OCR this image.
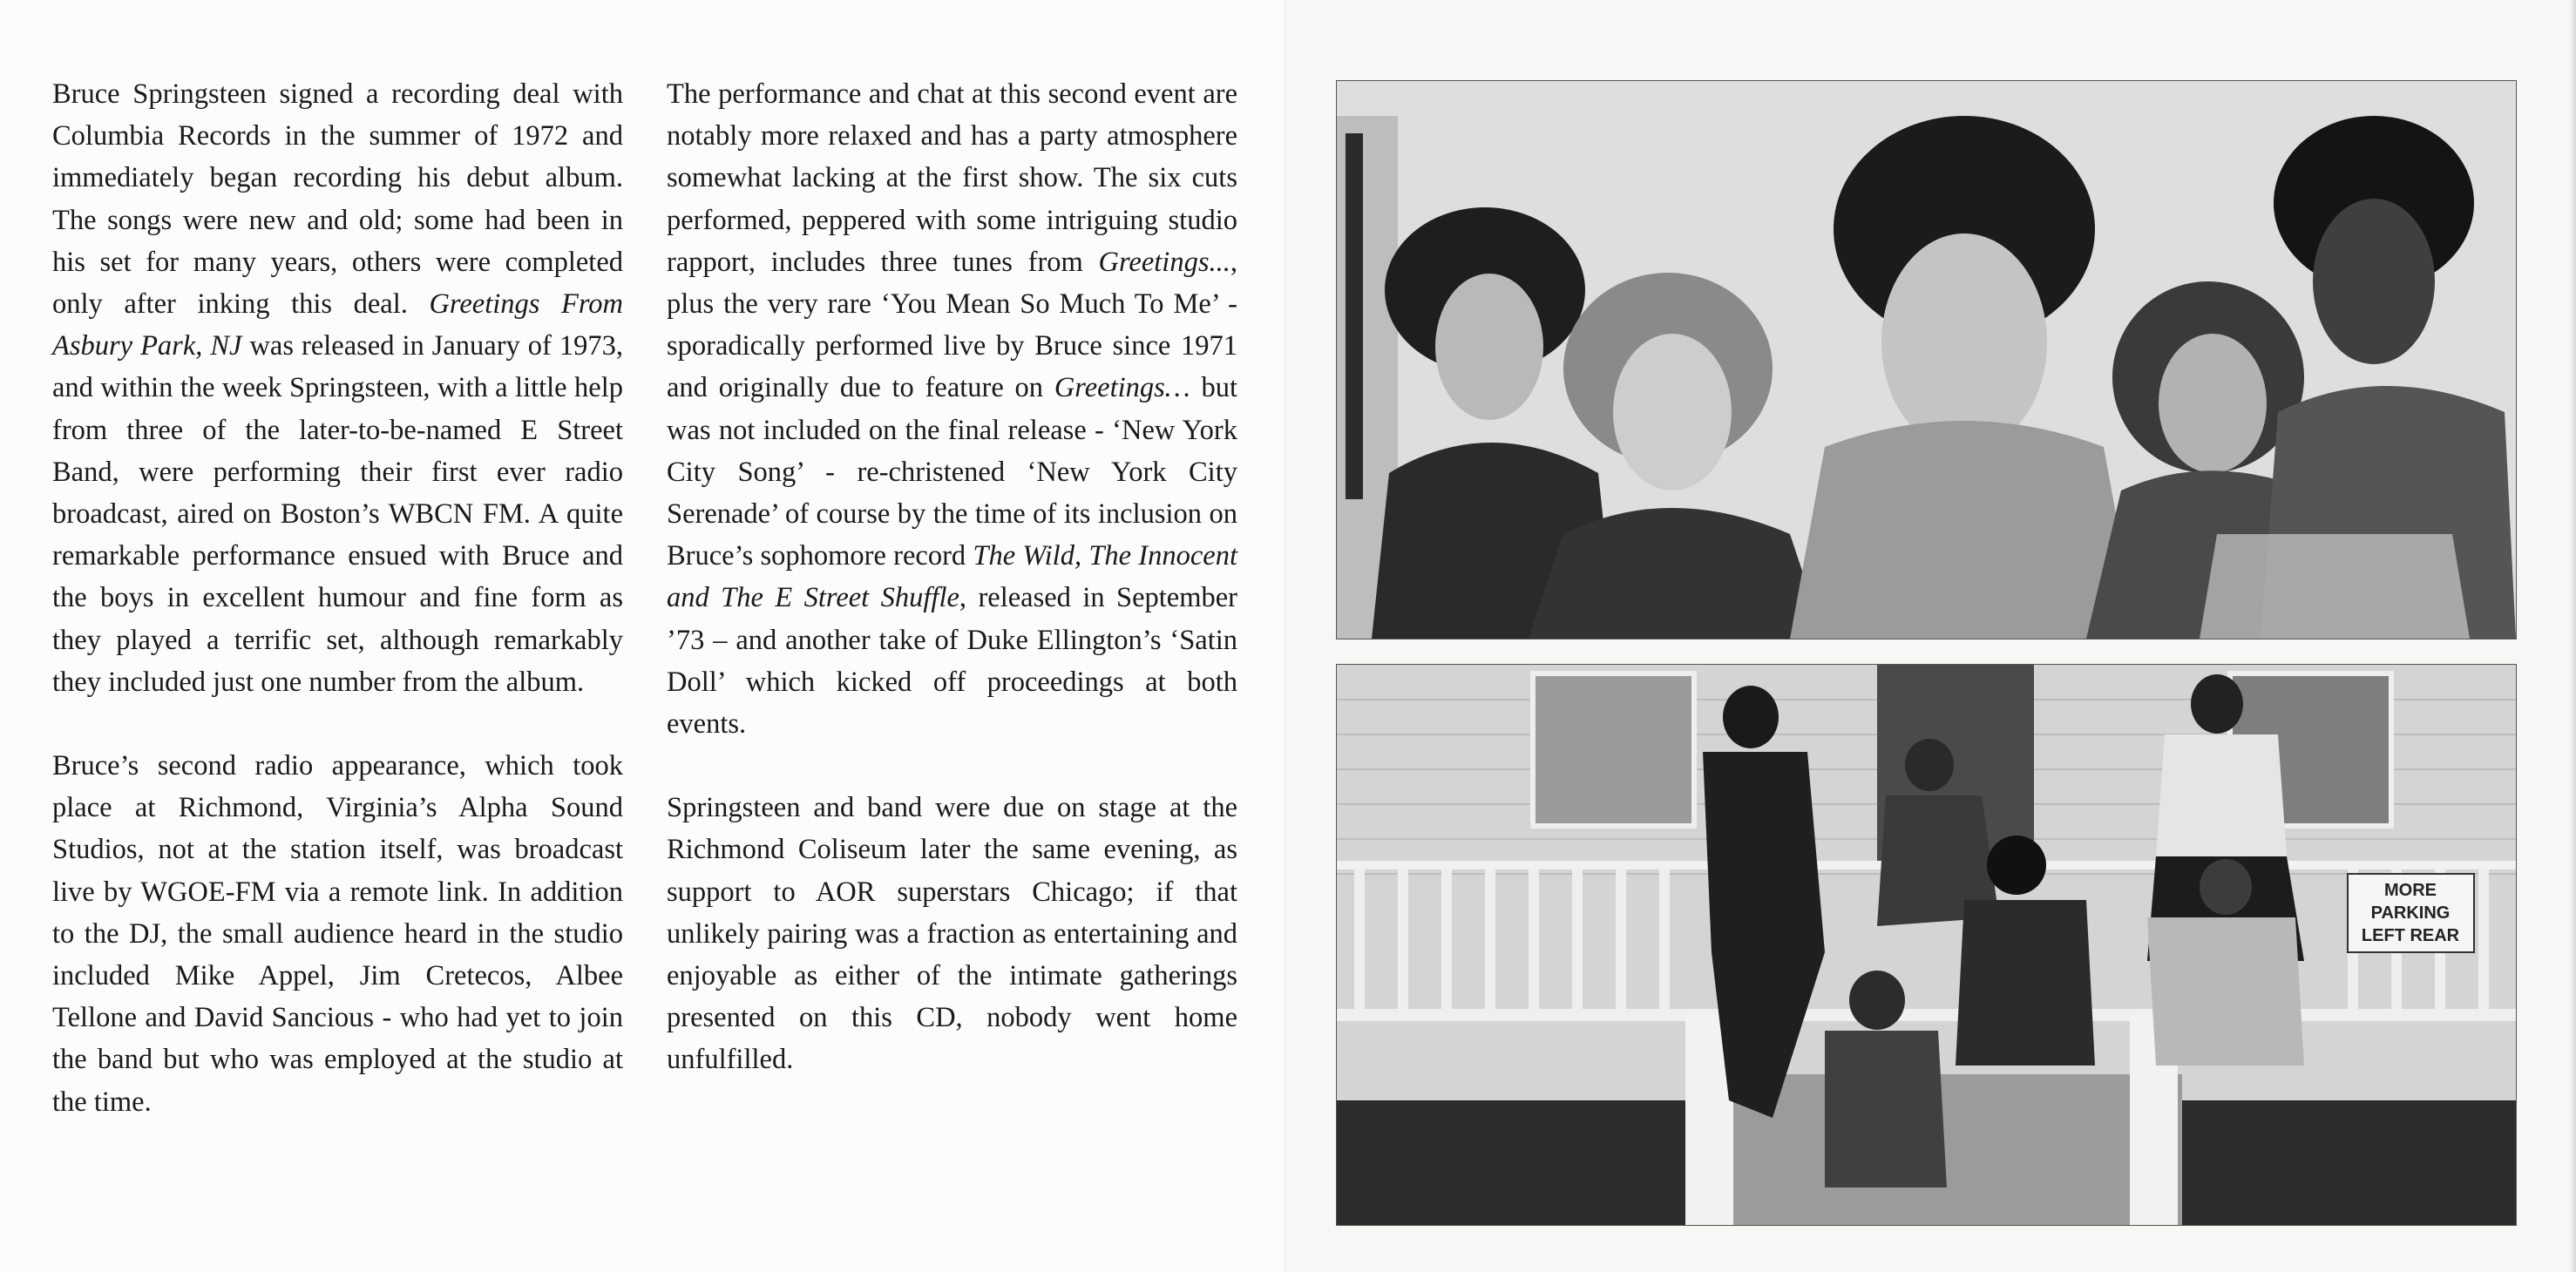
Bruce Springsteen signed a recording deal with Columbia Records in the summer of 1972 and immediately began recording his debut album. The songs were new and old; some had been in his set for many years, others were completed only after inking this deal. Greetings From Asbury Park, NJ was released in January of 1973, and within the week Springsteen, with a little help from three of the later-to-be-named E Street Band, were performing their first ever radio broadcast, aired on Boston’s WBCN FM. A quite remarkable performance ensued with Bruce and the boys in excellent humour and fine form as they played a terrific set, although remarkably they included just one number from the album.

Bruce’s second radio appearance, which took place at Richmond, Virginia’s Alpha Sound Studios, not at the station itself, was broadcast live by WGOE-FM via a remote link. In addition to the DJ, the small audience heard in the studio included Mike Appel, Jim Cretecos, Albee Tellone and David Sancious - who had yet to join the band but who was employed at the studio at the time.

The performance and chat at this second event are notably more relaxed and has a party atmosphere somewhat lacking at the first show. The six cuts performed, peppered with some intriguing studio rapport, includes three tunes from Greetings..., plus the very rare ‘You Mean So Much To Me’ - sporadically performed live by Bruce since 1971 and originally due to feature on Greetings… but was not included on the final release - ‘New York City Song’ - re-christened ‘New York City Serenade’ of course by the time of its inclusion on Bruce’s sophomore record The Wild, The Innocent and The E Street Shuffle, released in September ’73 – and another take of Duke Ellington’s ‘Satin Doll’ which kicked off proceedings at both events.

Springsteen and band were due on stage at the Richmond Coliseum later the same evening, as support to AOR superstars Chicago; if that unlikely pairing was a fraction as entertaining and enjoyable as either of the intimate gatherings presented on this CD, nobody went home unfulfilled.

MORE
PARKING
LEFT REAR
